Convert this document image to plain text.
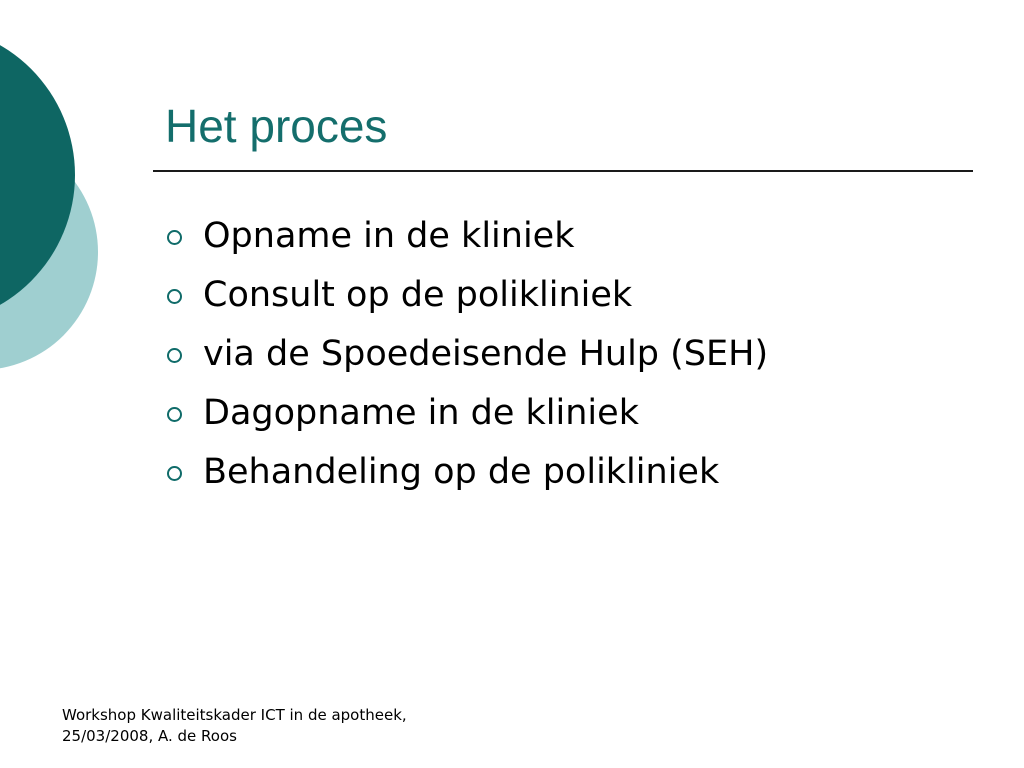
Het proces
Opname in de kliniek
Consult op de polikliniek
via de Spoedeisende Hulp (SEH)
Dagopname in de kliniek
Behandeling op de polikliniek
Workshop Kwaliteitskader ICT in de apotheek,
25/03/2008, A. de Roos
